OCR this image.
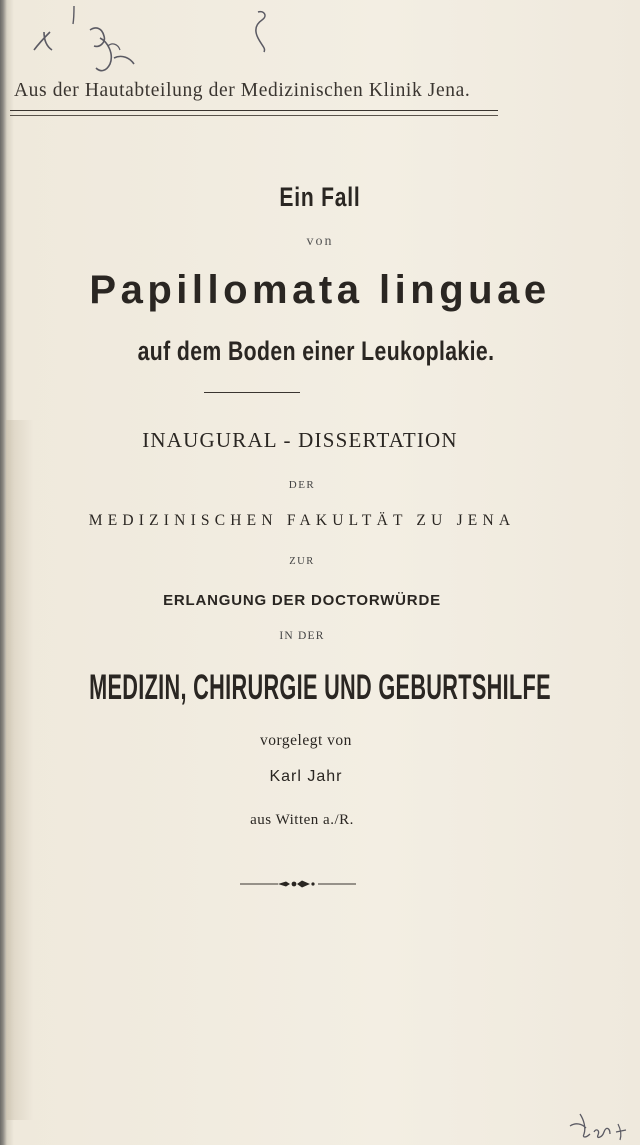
Aus der Hautabteilung der Medizinischen Klinik Jena.
Ein Fall
von
Papillomata linguae
auf dem Boden einer Leukoplakie.
INAUGURAL - DISSERTATION
DER
MEDIZINISCHEN FAKULTÄT ZU JENA
ZUR
ERLANGUNG DER DOCTORWÜRDE
IN DER
MEDIZIN, CHIRURGIE UND GEBURTSHILFE
vorgelegt von
Karl Jahr
aus Witten a./R.
